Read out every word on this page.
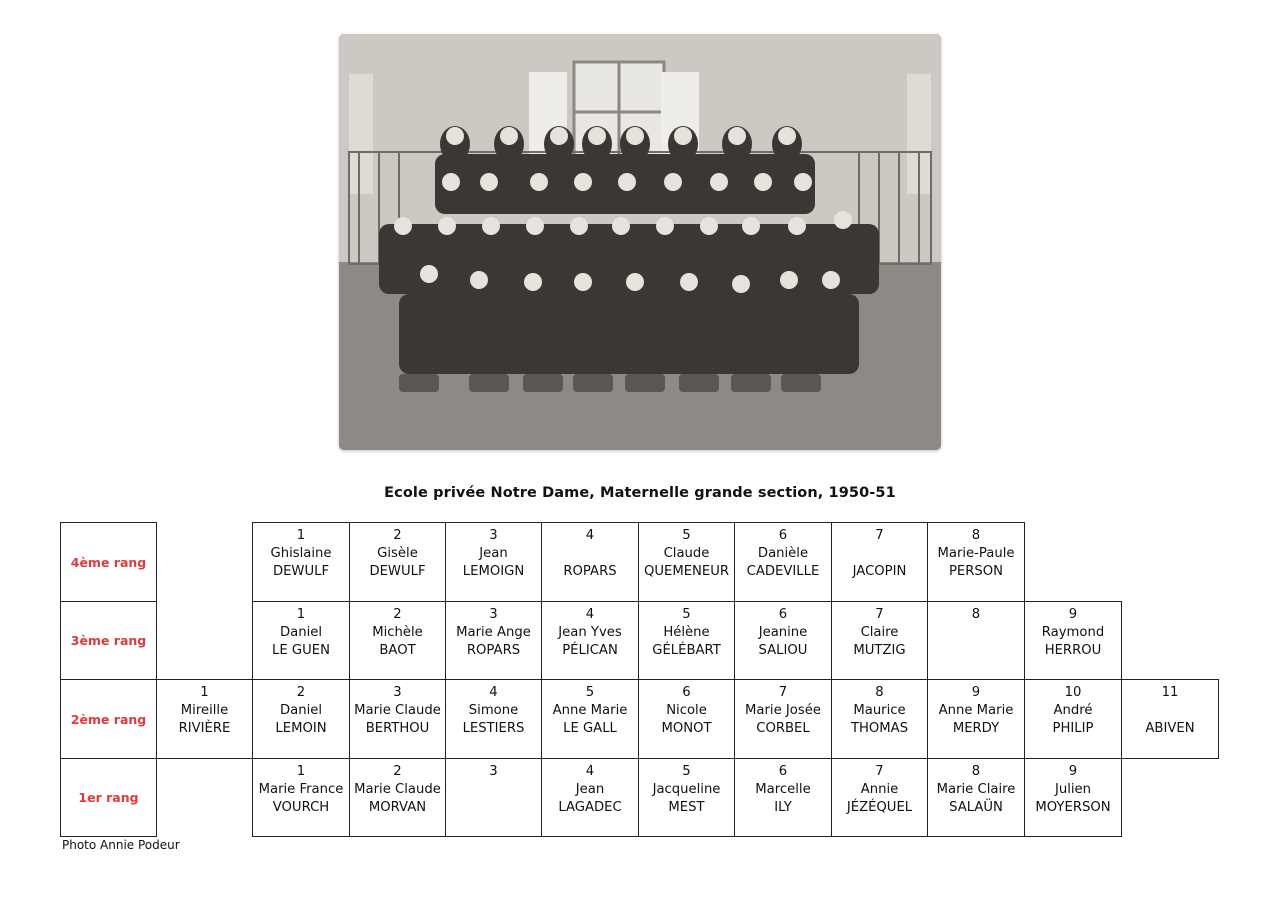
Ecole privée Notre Dame, Maternelle grande section, 1950-51
4ème rang
1
Ghislaine
DEWULF
2
Gisèle
DEWULF
3
Jean
LEMOIGN
4
ROPARS
5
Claude
QUEMENEUR
6
Danièle
CADEVILLE
7
JACOPIN
8
Marie-Paule
PERSON
3ème rang
1
Daniel
LE GUEN
2
Michèle
BAOT
3
Marie Ange
ROPARS
4
Jean Yves
PÉLICAN
5
Hélène
GÉLÉBART
6
Jeanine
SALIOU
7
Claire
MUTZIG
8	9
Raymond
HERROU
2ème rang
1
Mireille
RIVIÈRE
2
Daniel
LEMOIN
3
Marie Claude
BERTHOU
4
Simone
LESTIERS
5
Anne Marie
LE GALL
6
Nicole
MONOT
7
Marie Josée
CORBEL
8
Maurice
THOMAS
9
Anne Marie
MERDY
10
André
PHILIP
11
ABIVEN
1er rang
1
Marie France
VOURCH
2
Marie Claude
MORVAN
3	4
Jean
LAGADEC
5
Jacqueline
MEST
6
Marcelle
ILY
7
Annie
JÉZÉQUEL
8
Marie Claire
SALAÜN
9
Julien
MOYERSON
Photo Annie Podeur
